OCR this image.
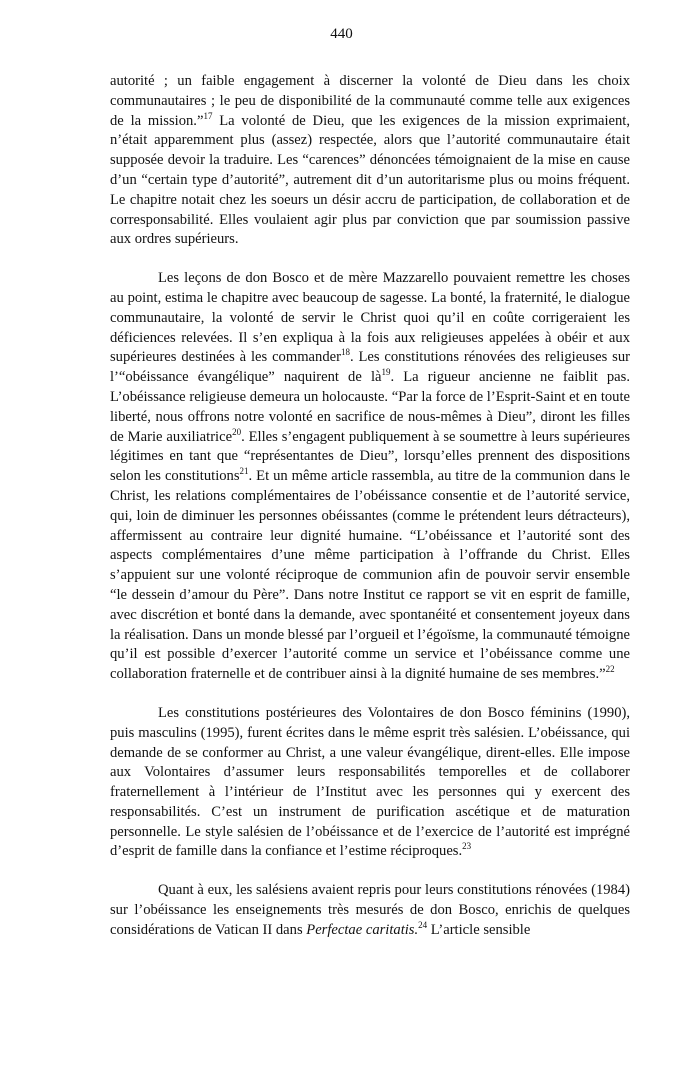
440

autorité ; un faible engagement à discerner la volonté de Dieu dans les choix communautaires ; le peu de disponibilité de la communauté comme telle aux exigences de la mission.”$^{17}$ La volonté de Dieu, que les exigences de la mission exprimaient, n’était apparemment plus (assez) respectée, alors que l’autorité communautaire était supposée devoir la traduire. Les “carences” dénoncées témoignaient de la mise en cause d’un “certain type d’autorité”, autrement dit d’un autoritarisme plus ou moins fréquent. Le chapitre notait chez les soeurs un désir accru de participation, de collaboration et de corresponsabilité. Elles voulaient agir plus par conviction que par soumission passive aux ordres supérieurs.

Les leçons de don Bosco et de mère Mazzarello pouvaient remettre les choses au point, estima le chapitre avec beaucoup de sagesse. La bonté, la fraternité, le dialogue communautaire, la volonté de servir le Christ quoi qu’il en coûte corrigeraient les déficiences relevées. Il s’en expliqua à la fois aux religieuses appelées à obéir et aux supérieures destinées à les commander$^{18}$. Les constitutions rénovées des religieuses sur l’“obéissance évangélique” naquirent de $là^{19}$. La rigueur ancienne ne faiblit pas. L’obéissance religieuse demeura un holocauste. “Par la force de l’Esprit-Saint et en toute liberté, nous offrons notre volonté en sacrifice de nous-mêmes à Dieu”, diront les filles de Marie auxiliatrice$^{20}$. Elles s’engagent publiquement à se soumettre à leurs supérieures légitimes en tant que “représentantes de Dieu”, lorsqu’elles prennent des dispositions selon les constitutions$^{21}$. Et un même article rassembla, au titre de la communion dans le Christ, les relations complémentaires de l’obéissance consentie et de l’autorité service, qui, loin de diminuer les personnes obéissantes (comme le prétendent leurs détracteurs), affermissent au contraire leur dignité humaine. “L’obéissance et l’autorité sont des aspects complémentaires d’une même participation à l’offrande du Christ. Elles s’appuient sur une volonté réciproque de communion afin de pouvoir servir ensemble “le dessein d’amour du Père”. Dans notre Institut ce rapport se vit en esprit de famille, avec discrétion et bonté dans la demande, avec spontanéité et consentement joyeux dans la réalisation. Dans un monde blessé par l’orgueil et l’égoïsme, la communauté témoigne qu’il est possible d’exercer l’autorité comme un service et l’obéissance comme une collaboration fraternelle et de contribuer ainsi à la dignité humaine de ses membres.”$^{22}$

Les constitutions postérieures des Volontaires de don Bosco féminins (1990), puis masculins (1995), furent écrites dans le même esprit très salésien. L’obéissance, qui demande de se conformer au Christ, a une valeur évangélique, dirent-elles. Elle impose aux Volontaires d’assumer leurs responsabilités temporelles et de collaborer fraternellement à l’intérieur de l’Institut avec les personnes qui y exercent des responsabilités. C’est un instrument de purification ascétique et de maturation personnelle. Le style salésien de l’obéissance et de l’exercice de l’autorité est imprégné d’esprit de famille dans la confiance et l’estime réciproques.$^{23}$

Quant à eux, les salésiens avaient repris pour leurs constitutions rénovées (1984) sur l’obéissance les enseignements très mesurés de don Bosco, enrichis de quelques considérations de Vatican II dans Perfectae caritatis.$^{24}$ L’article sensible
